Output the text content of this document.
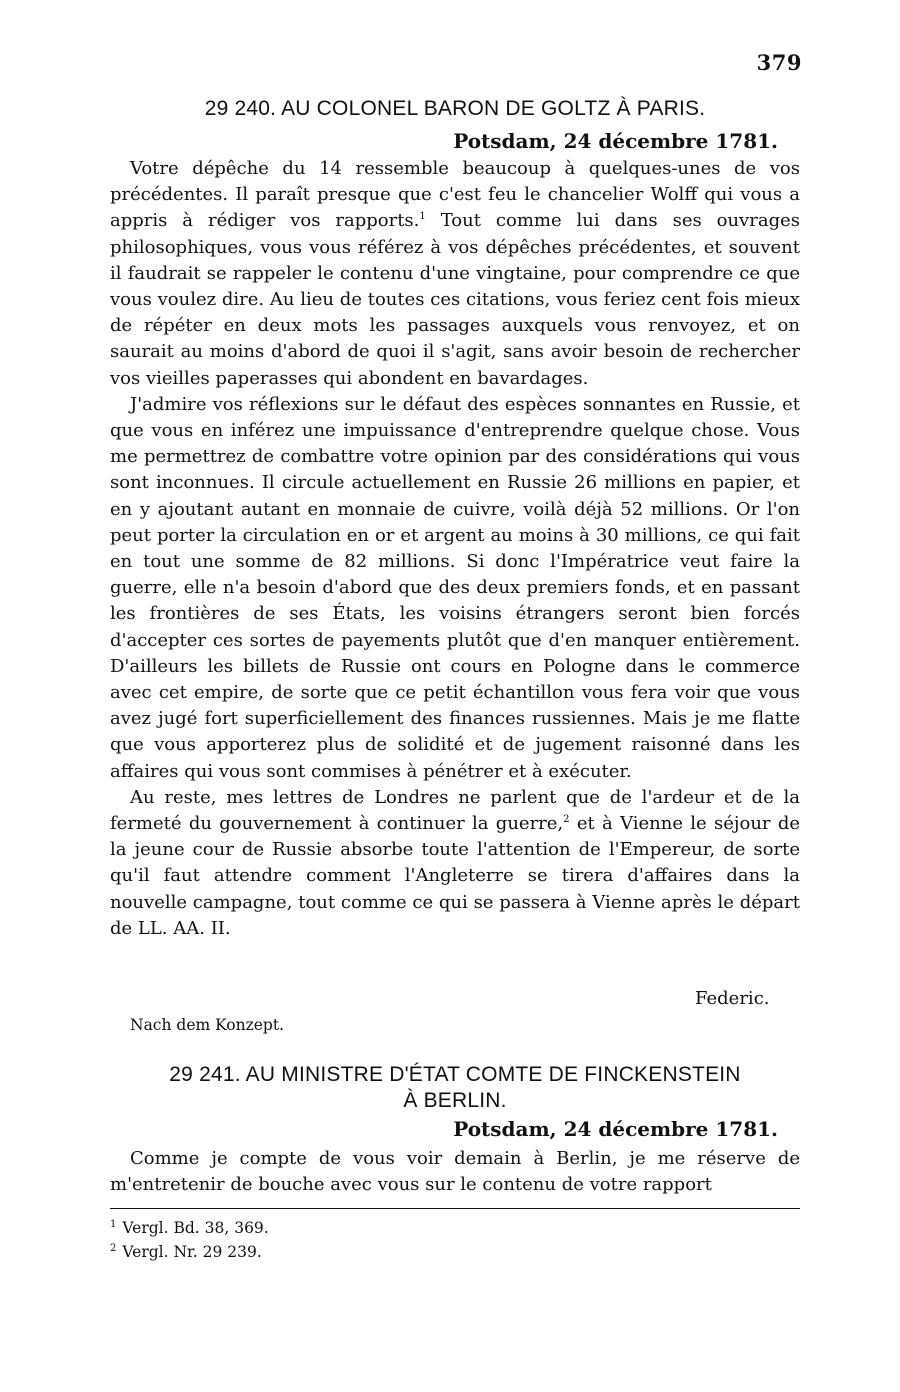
379
29 240. AU COLONEL BARON DE GOLTZ À PARIS.
Potsdam, 24 décembre 1781.

Votre dépêche du 14 ressemble beaucoup à quelques-unes de vos précédentes. Il paraît presque que c'est feu le chancelier Wolff qui vous a appris à rédiger vos rapports.$^1$ Tout comme lui dans ses ouvrages philosophiques, vous vous référez à vos dépêches précédentes, et souvent il faudrait se rappeler le contenu d'une vingtaine, pour comprendre ce que vous voulez dire. Au lieu de toutes ces citations, vous feriez cent fois mieux de répéter en deux mots les passages auxquels vous renvoyez, et on saurait au moins d'abord de quoi il s'agit, sans avoir besoin de rechercher vos vieilles paperasses qui abondent en bavardages.

J'admire vos réflexions sur le défaut des espèces sonnantes en Russie, et que vous en inférez une impuissance d'entreprendre quelque chose. Vous me permettrez de combattre votre opinion par des considérations qui vous sont inconnues. Il circule actuellement en Russie 26 millions en papier, et en y ajoutant autant en monnaie de cuivre, voilà déjà 52 millions. Or l'on peut porter la circulation en or et argent au moins à 30 millions, ce qui fait en tout une somme de 82 millions. Si donc l'Impératrice veut faire la guerre, elle n'a besoin d'abord que des deux premiers fonds, et en passant les frontières de ses États, les voisins étrangers seront bien forcés d'accepter ces sortes de payements plutôt que d'en manquer entièrement. D'ailleurs les billets de Russie ont cours en Pologne dans le commerce avec cet empire, de sorte que ce petit échantillon vous fera voir que vous avez jugé fort superficiellement des finances russiennes. Mais je me flatte que vous apporterez plus de solidité et de jugement raisonné dans les affaires qui vous sont commises à pénétrer et à exécuter.

Au reste, mes lettres de Londres ne parlent que de l'ardeur et de la fermeté du gouvernement à continuer la guerre,$^2$ et à Vienne le séjour de la jeune cour de Russie absorbe toute l'attention de l'Empereur, de sorte qu'il faut attendre comment l'Angleterre se tirera d'affaires dans la nouvelle campagne, tout comme ce qui se passera à Vienne après le départ de LL. AA. II.

Federic.
Nach dem Konzept.
29 241. AU MINISTRE D'ÉTAT COMTE DE FINCKENSTEIN
À BERLIN.
Potsdam, 24 décembre 1781.

Comme je compte de vous voir demain à Berlin, je me réserve de m'entretenir de bouche avec vous sur le contenu de votre rapport

$^1$ Vergl. Bd. 38, 369.
$^2$ Vergl. Nr. 29 239.
